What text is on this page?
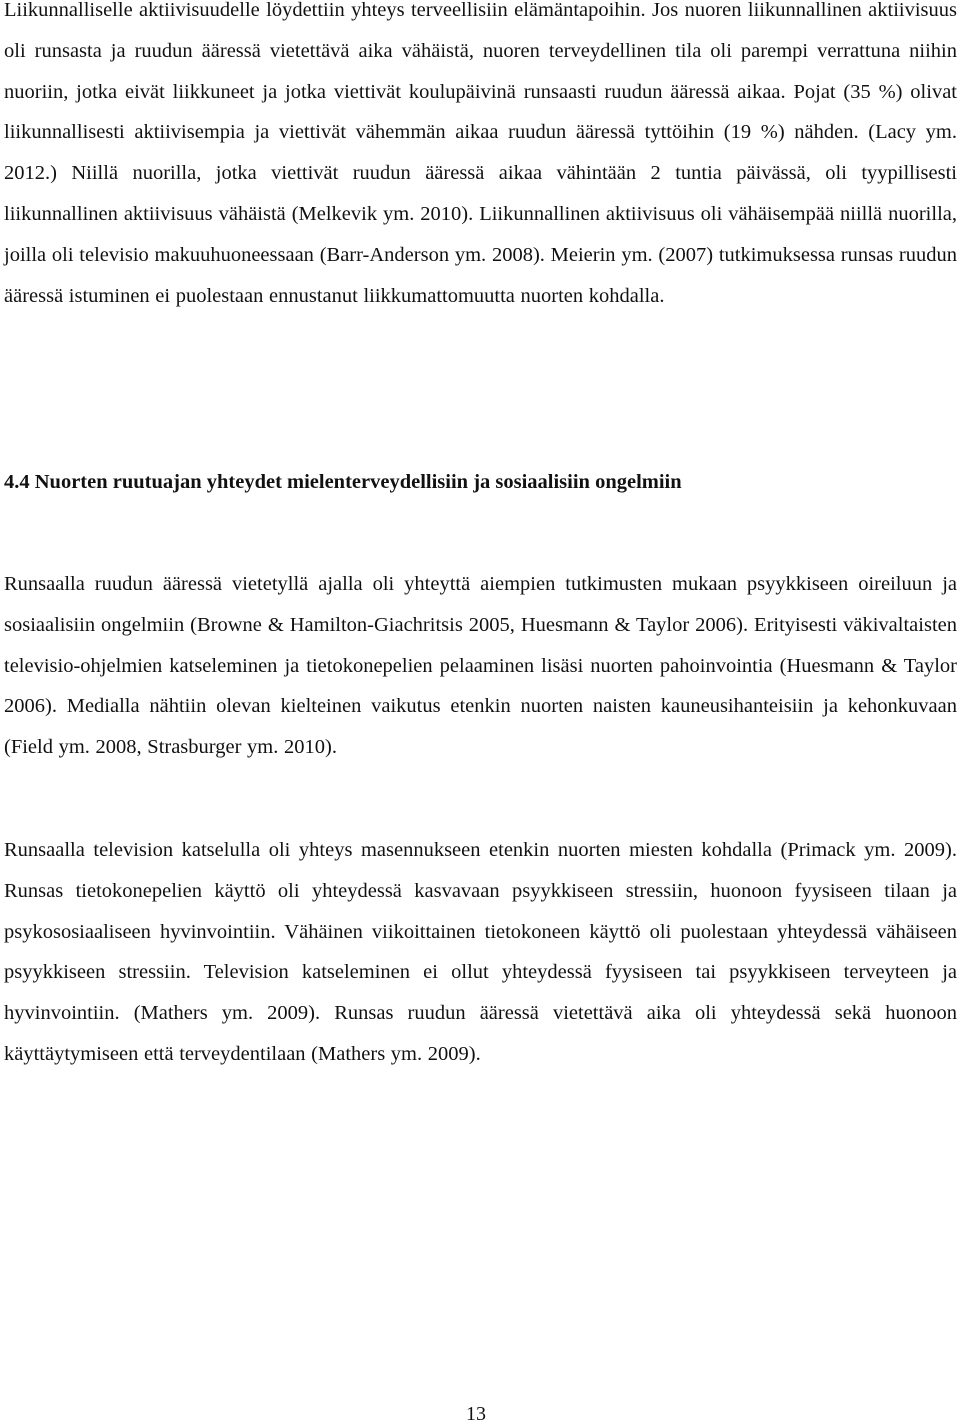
Liikunnalliselle aktiivisuudelle löydettiin yhteys terveellisiin elämäntapoihin. Jos nuoren liikunnallinen aktiivisuus oli runsasta ja ruudun ääressä vietettävä aika vähäistä, nuoren terveydellinen tila oli parempi verrattuna niihin nuoriin, jotka eivät liikkuneet ja jotka viettivät koulupäivinä runsaasti ruudun ääressä aikaa. Pojat (35 %) olivat liikunnallisesti aktiivisempia ja viettivät vähemmän aikaa ruudun ääressä tyttöihin (19 %) nähden. (Lacy ym. 2012.) Niillä nuorilla, jotka viettivät ruudun ääressä aikaa vähintään 2 tuntia päivässä, oli tyypillisesti liikunnallinen aktiivisuus vähäistä (Melkevik ym. 2010). Liikunnallinen aktiivisuus oli vähäisempää niillä nuorilla, joilla oli televisio makuuhuoneessaan (Barr-Anderson ym. 2008). Meierin ym. (2007) tutkimuksessa runsas ruudun ääressä istuminen ei puolestaan ennustanut liikkumattomuutta nuorten kohdalla.

4.4 Nuorten ruutuajan yhteydet mielenterveydellisiin ja sosiaalisiin ongelmiin

Runsaalla ruudun ääressä vietetyllä ajalla oli yhteyttä aiempien tutkimusten mukaan psyykkiseen oireiluun ja sosiaalisiin ongelmiin (Browne & Hamilton-Giachritsis 2005, Huesmann & Taylor 2006). Erityisesti väkivaltaisten televisio-ohjelmien katseleminen ja tietokonepelien pelaaminen lisäsi nuorten pahoinvointia (Huesmann & Taylor 2006). Medialla nähtiin olevan kielteinen vaikutus etenkin nuorten naisten kauneusihanteisiin ja kehonkuvaan (Field ym. 2008, Strasburger ym. 2010).

Runsaalla television katselulla oli yhteys masennukseen etenkin nuorten miesten kohdalla (Primack ym. 2009). Runsas tietokonepelien käyttö oli yhteydessä kasvavaan psyykkiseen stressiin, huonoon fyysiseen tilaan ja psykososiaaliseen hyvinvointiin. Vähäinen viikoittainen tietokoneen käyttö oli puolestaan yhteydessä vähäiseen psyykkiseen stressiin. Television katseleminen ei ollut yhteydessä fyysiseen tai psyykkiseen terveyteen ja hyvinvointiin. (Mathers ym. 2009). Runsas ruudun ääressä vietettävä aika oli yhteydessä sekä huonoon käyttäytymiseen että terveydentilaan (Mathers ym. 2009).

13
